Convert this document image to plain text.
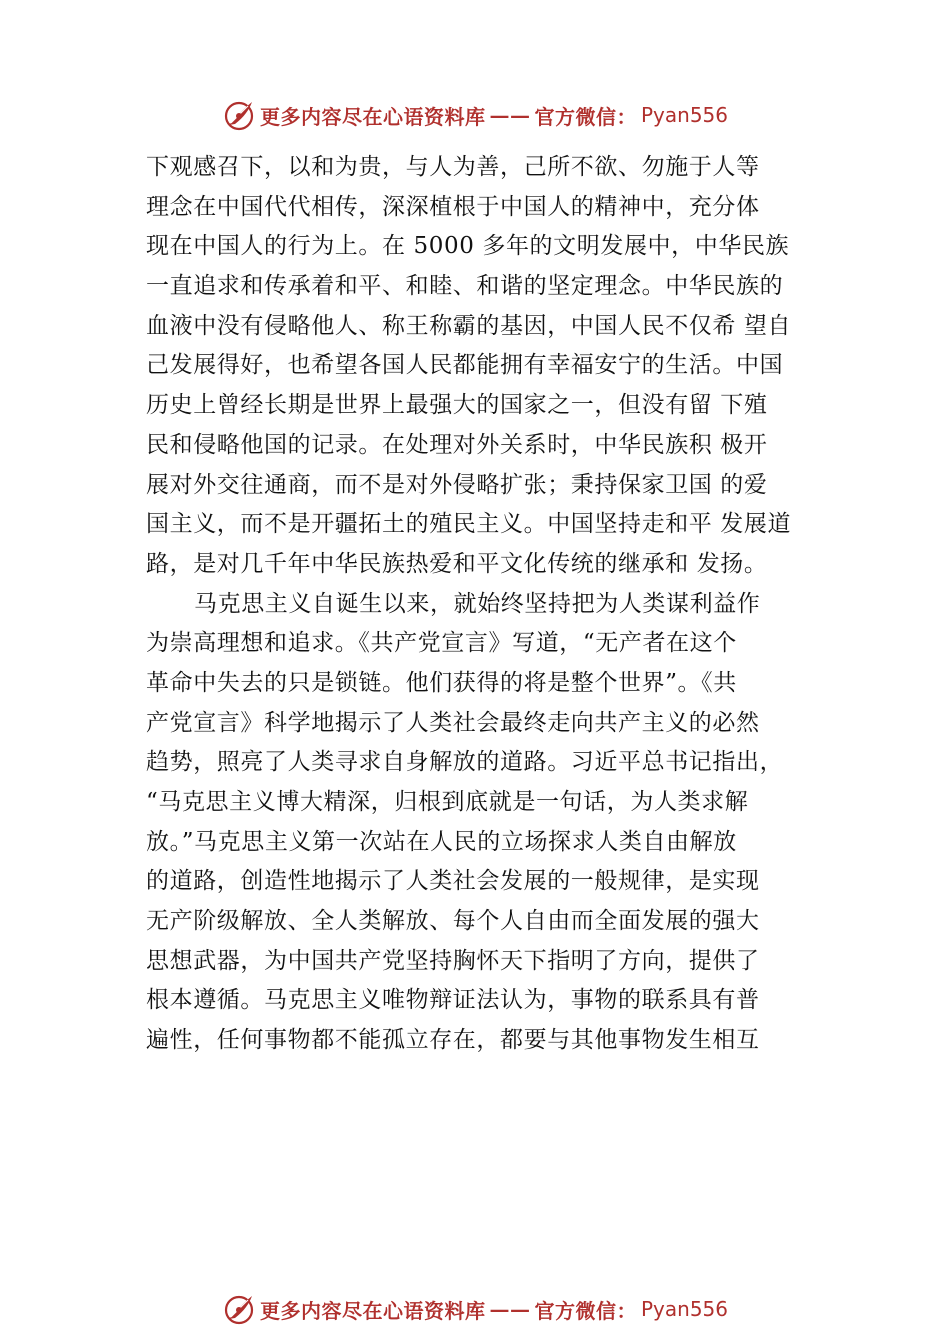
更多内容尽在心语资料库 —— 官方微信： Pyan556
下观感召下，以和为贵，与人为善，己所不欲、勿施于人等
理念在中国代代相传，深深植根于中国人的精神中，充分体
现在中国人的行为上。在 5000 多年的文明发展中，中华民族
一直追求和传承着和平、和睦、和谐的坚定理念。中华民族的
血液中没有侵略他人、称王称霸的基因，中国人民不仅希 望自
己发展得好，也希望各国人民都能拥有幸福安宁的生活。中国
历史上曾经长期是世界上最强大的国家之一，但没有留 下殖
民和侵略他国的记录。在处理对外关系时，中华民族积 极开
展对外交往通商，而不是对外侵略扩张；秉持保家卫国 的爱
国主义，而不是开疆拓土的殖民主义。中国坚持走和平 发展道
路，是对几千年中华民族热爱和平文化传统的继承和 发扬。
马克思主义自诞生以来，就始终坚持把为人类谋利益作
为崇高理想和追求。《共产党宣言》写道，“无产者在这个
革命中失去的只是锁链。他们获得的将是整个世界”。《共
产党宣言》科学地揭示了人类社会最终走向共产主义的必然
趋势，照亮了人类寻求自身解放的道路。习近平总书记指出，
“马克思主义博大精深，归根到底就是一句话，为人类求解
放。”马克思主义第一次站在人民的立场探求人类自由解放
的道路，创造性地揭示了人类社会发展的一般规律，是实现
无产阶级解放、全人类解放、每个人自由而全面发展的强大
思想武器，为中国共产党坚持胸怀天下指明了方向，提供了
根本遵循。马克思主义唯物辩证法认为，事物的联系具有普
遍性，任何事物都不能孤立存在，都要与其他事物发生相互
更多内容尽在心语资料库 —— 官方微信： Pyan556
